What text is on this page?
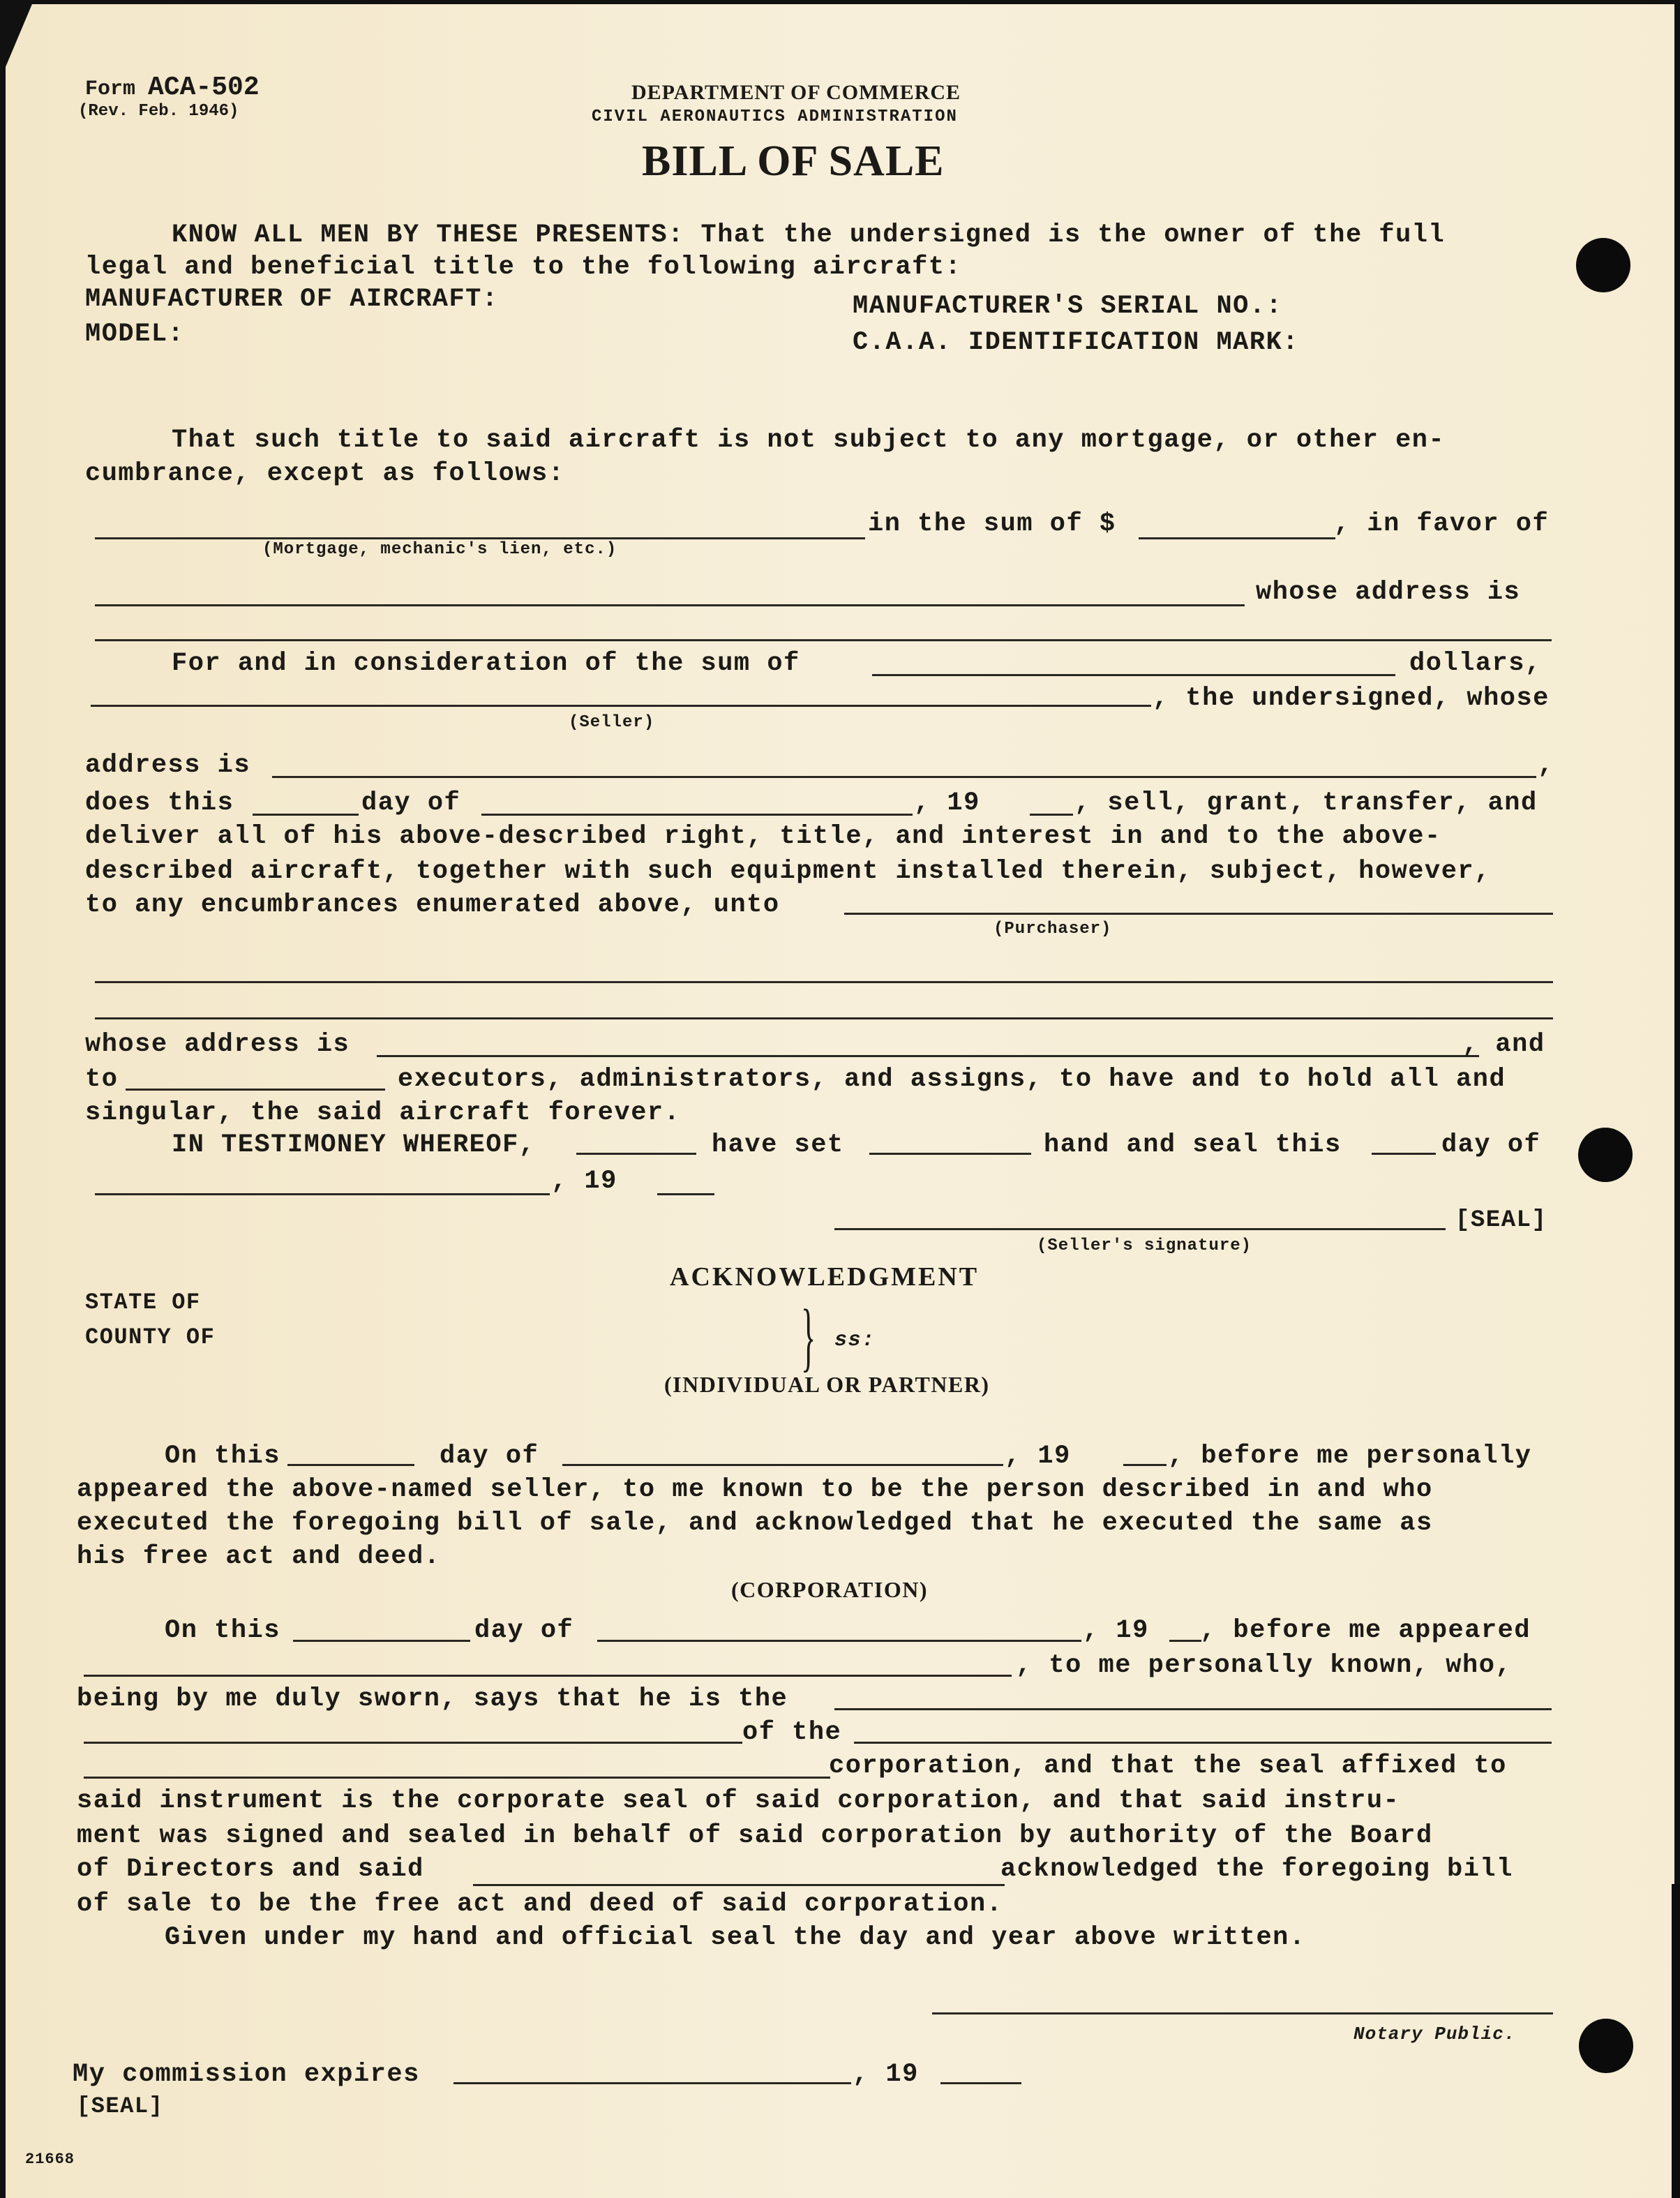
Form ACA-502
(Rev. Feb. 1946)
DEPARTMENT OF COMMERCE
CIVIL AERONAUTICS ADMINISTRATION
BILL OF SALE
KNOW ALL MEN BY THESE PRESENTS: That the undersigned is the owner of the full
legal and beneficial title to the following aircraft:
MANUFACTURER OF AIRCRAFT:	MANUFACTURER'S SERIAL NO.:
MODEL:	C.A.A. IDENTIFICATION MARK:
That such title to said aircraft is not subject to any mortgage, or other en-
cumbrance, except as follows:
in the sum of $	, in favor of
(Mortgage, mechanic's lien, etc.)
whose address is
For and in consideration of the sum of	dollars,
, the undersigned, whose
(Seller)
address is	,
does this	day of	, 19	, sell, grant, transfer, and
deliver all of his above-described right, title, and interest in and to the above-
described aircraft, together with such equipment installed therein, subject, however,
to any encumbrances enumerated above, unto
(Purchaser)
whose address is	, and
to	executors, administrators, and assigns, to have and to hold all and
singular, the said aircraft forever.
IN TESTIMONEY WHEREOF,	have set	hand and seal this	day of
, 19
[SEAL]
(Seller's signature)
ACKNOWLEDGMENT
STATE OF
COUNTY OF	} ss:
(INDIVIDUAL OR PARTNER)
On this	day of	, 19	, before me personally
appeared the above-named seller, to me known to be the person described in and who
executed the foregoing bill of sale, and acknowledged that he executed the same as
his free act and deed.
(CORPORATION)
On this	day of	, 19 , before me appeared
, to me personally known, who,
being by me duly sworn, says that he is the
of the
corporation, and that the seal affixed to
said instrument is the corporate seal of said corporation, and that said instru-
ment was signed and sealed in behalf of said corporation by authority of the Board
of Directors and said	acknowledged the foregoing bill
of sale to be the free act and deed of said corporation.
Given under my hand and official seal the day and year above written.
Notary Public.
My commission expires	, 19
[SEAL]
21668
